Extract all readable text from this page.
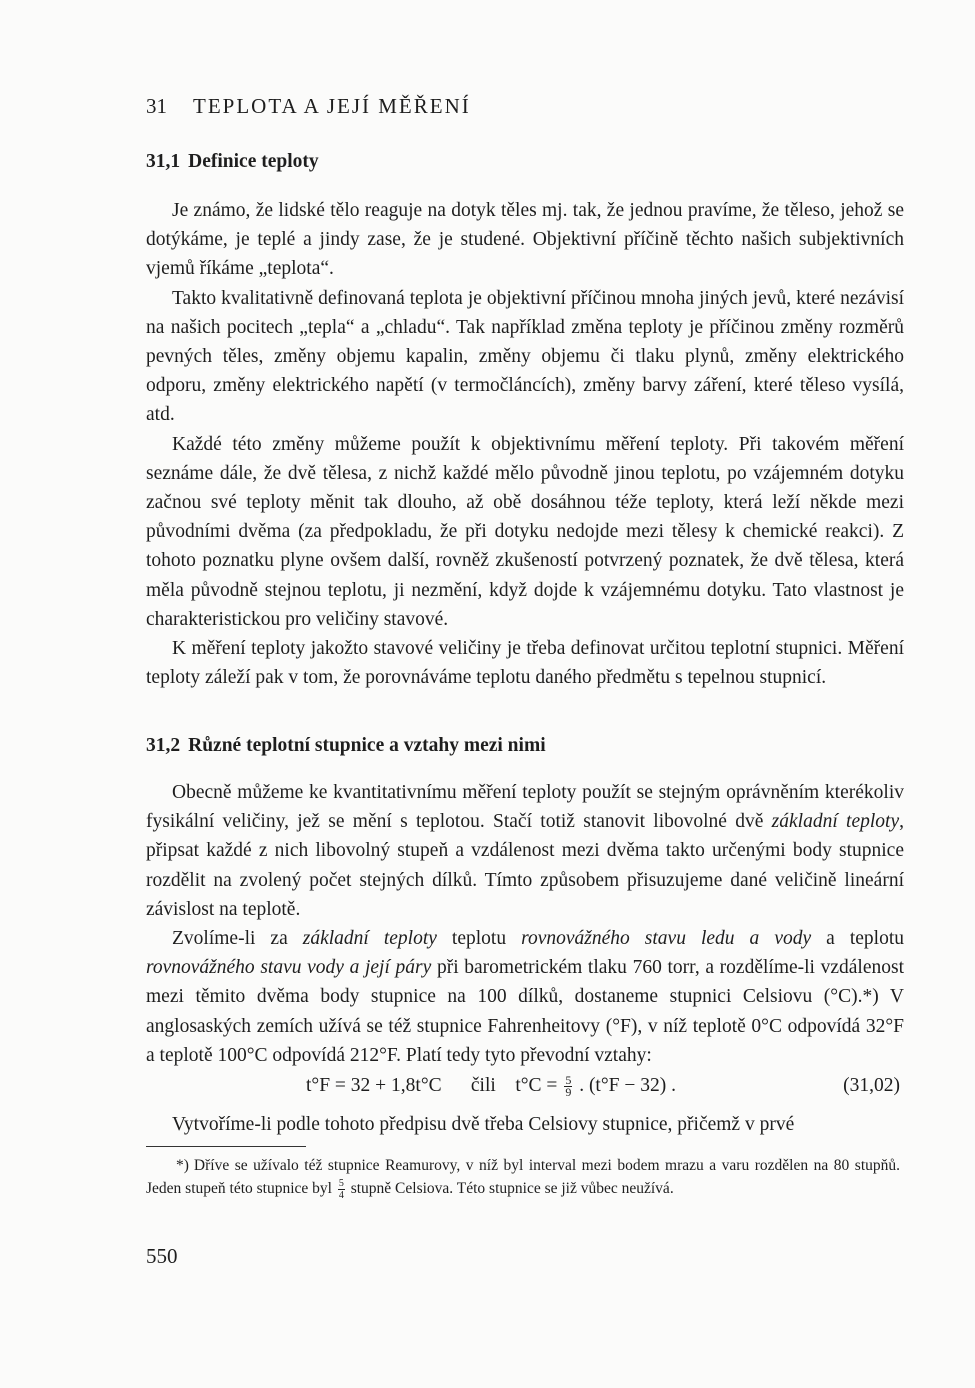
31 TEPLOTA A JEJÍ MĚŘENÍ
31,1 Definice teploty

Je známo, že lidské tělo reaguje na dotyk těles mj. tak, že jednou pravíme, že těleso, jehož se dotýkáme, je teplé a jindy zase, že je studené. Objektivní příčině těchto našich subjektivních vjemů říkáme „teplota“.

Takto kvalitativně definovaná teplota je objektivní příčinou mnoha jiných jevů, které nezávisí na našich pocitech „tepla“ a „chladu“. Tak například změna teploty je příčinou změny rozměrů pevných těles, změny objemu kapalin, změny objemu či tlaku plynů, změny elektrického odporu, změny elektrického napětí (v termočláncích), změny barvy záření, které těleso vysílá, atd.

Každé této změny můžeme použít k objektivnímu měření teploty. Při takovém měření seznáme dále, že dvě tělesa, z nichž každé mělo původně jinou teplotu, po vzájemném dotyku začnou své teploty měnit tak dlouho, až obě dosáhnou téže teploty, která leží někde mezi původními dvěma (za předpokladu, že při dotyku nedojde mezi tělesy k chemické reakci). Z tohoto poznatku plyne ovšem další, rovněž zkušeností potvrzený poznatek, že dvě tělesa, která měla původně stejnou teplotu, ji nezmění, když dojde k vzájemnému dotyku. Tato vlastnost je charakteristickou pro veličiny stavové.

K měření teploty jakožto stavové veličiny je třeba definovat určitou teplotní stupnici. Měření teploty záleží pak v tom, že porovnáváme teplotu daného předmětu s tepelnou stupnicí.

31,2 Různé teplotní stupnice a vztahy mezi nimi

Obecně můžeme ke kvantitativnímu měření teploty použít se stejným oprávněním kterékoliv fysikální veličiny, jež se mění s teplotou. Stačí totiž stanovit libovolné dvě základní teploty, připsat každé z nich libovolný stupeň a vzdálenost mezi dvěma takto určenými body stupnice rozdělit na zvolený počet stejných dílků. Tímto způsobem přisuzujeme dané veličině lineární závislost na teplotě.

Zvolíme-li za základní teploty teplotu rovnovážného stavu ledu a vody a teplotu rovnovážného stavu vody a její páry při barometrickém tlaku 760 torr, a rozdělíme-li vzdálenost mezi těmito dvěma body stupnice na 100 dílků, dostaneme stupnici Celsiovu (°C).*) V anglosaských zemích užívá se též stupnice Fahrenheitovy (°F), v níž teplotě 0°C odpovídá 32°F a teplotě 100°C odpovídá 212°F. Platí tedy tyto převodní vztahy:

t°F = 32 + 1,8t°C čili $t^\circ C = \frac{5}{9}$ . (t°F − 32) .	(31,02)

Vytvoříme-li podle tohoto předpisu dvě třeba Celsiovy stupnice, přičemž v prvé

*) Dříve se užívalo též stupnice Reamurovy, v níž byl interval mezi bodem mrazu a varu rozdělen na 80 stupňů. Jeden stupeň této stupnice byl $\frac{5}{4}$ stupně Celsiova. Této stupnice se již vůbec neužívá.
550
